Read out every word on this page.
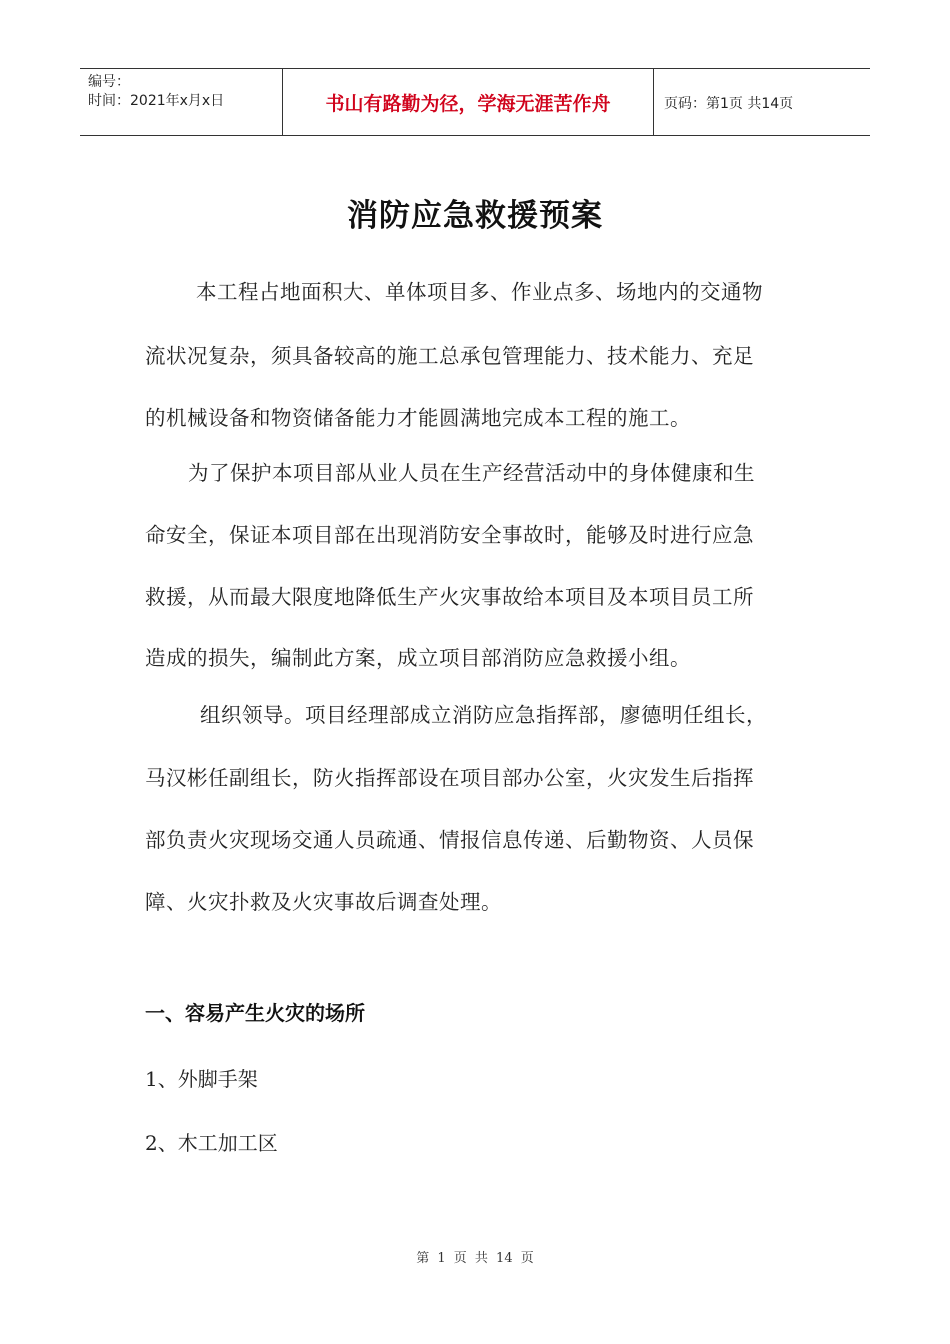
编号：
时间：2021年x月x日	书山有路勤为径，学海无涯苦作舟	页码：第1页 共14页
消防应急救援预案
本工程占地面积大、单体项目多、作业点多、场地内的交通物
流状况复杂，须具备较高的施工总承包管理能力、技术能力、充足
的机械设备和物资储备能力才能圆满地完成本工程的施工。
为了保护本项目部从业人员在生产经营活动中的身体健康和生
命安全，保证本项目部在出现消防安全事故时，能够及时进行应急
救援，从而最大限度地降低生产火灾事故给本项目及本项目员工所
造成的损失，编制此方案，成立项目部消防应急救援小组。
组织领导。项目经理部成立消防应急指挥部，廖德明任组长，
马汉彬任副组长，防火指挥部设在项目部办公室，火灾发生后指挥
部负责火灾现场交通人员疏通、情报信息传递、后勤物资、人员保
障、火灾扑救及火灾事故后调查处理。
一、容易产生火灾的场所
1、外脚手架
2、木工加工区
第 1 页 共 14 页
